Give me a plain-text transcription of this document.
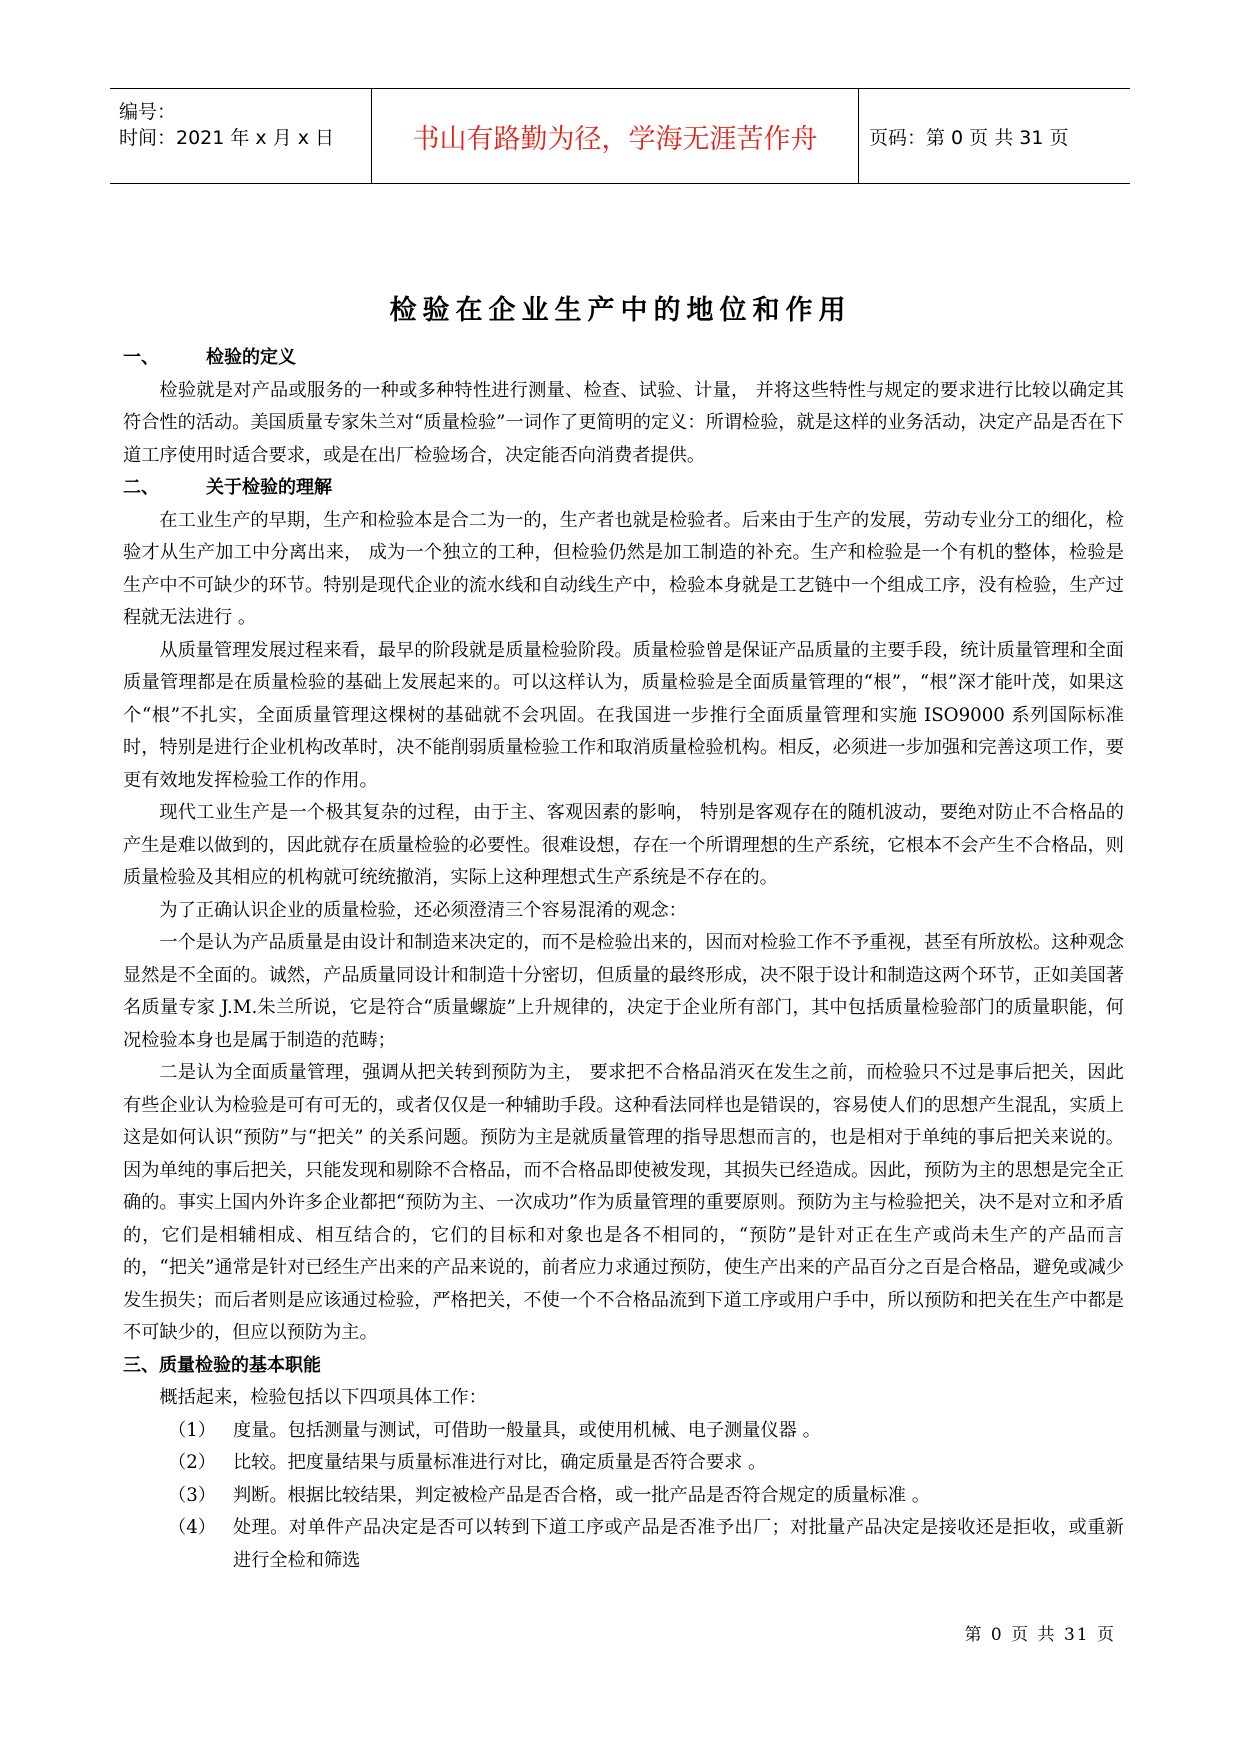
编号：
时间：2021 年 x 月 x 日	书山有路勤为径，学海无涯苦作舟	页码：第 0 页 共 31 页
检验在企业生产中的地位和作用

一、	检验的定义

检验就是对产品或服务的一种或多种特性进行测量、检查、试验、计量， 并将这些特性与规定的要求进行比较以确定其符合性的活动。美国质量专家朱兰对“质量检验”一词作了更简明的定义：所谓检验，就是这样的业务活动，决定产品是否在下道工序使用时适合要求，或是在出厂检验场合，决定能否向消费者提供。

二、	关于检验的理解

在工业生产的早期，生产和检验本是合二为一的，生产者也就是检验者。后来由于生产的发展，劳动专业分工的细化，检验才从生产加工中分离出来， 成为一个独立的工种，但检验仍然是加工制造的补充。生产和检验是一个有机的整体，检验是生产中不可缺少的环节。特别是现代企业的流水线和自动线生产中，检验本身就是工艺链中一个组成工序，没有检验，生产过程就无法进行 。

从质量管理发展过程来看，最早的阶段就是质量检验阶段。质量检验曾是保证产品质量的主要手段，统计质量管理和全面质量管理都是在质量检验的基础上发展起来的。可以这样认为，质量检验是全面质量管理的“根”，“根”深才能叶茂，如果这个“根”不扎实，全面质量管理这棵树的基础就不会巩固。在我国进一步推行全面质量管理和实施 ISO9000 系列国际标准时，特别是进行企业机构改革时，决不能削弱质量检验工作和取消质量检验机构。相反，必须进一步加强和完善这项工作，要更有效地发挥检验工作的作用。

现代工业生产是一个极其复杂的过程，由于主、客观因素的影响， 特别是客观存在的随机波动，要绝对防止不合格品的产生是难以做到的，因此就存在质量检验的必要性。很难设想，存在一个所谓理想的生产系统，它根本不会产生不合格品，则质量检验及其相应的机构就可统统撤消，实际上这种理想式生产系统是不存在的。

为了正确认识企业的质量检验，还必须澄清三个容易混淆的观念：

一个是认为产品质量是由设计和制造来决定的，而不是检验出来的，因而对检验工作不予重视，甚至有所放松。这种观念显然是不全面的。诚然，产品质量同设计和制造十分密切，但质量的最终形成，决不限于设计和制造这两个环节，正如美国著名质量专家 J.M.朱兰所说，它是符合“质量螺旋”上升规律的，决定于企业所有部门，其中包括质量检验部门的质量职能，何况检验本身也是属于制造的范畴；

二是认为全面质量管理，强调从把关转到预防为主， 要求把不合格品消灭在发生之前，而检验只不过是事后把关，因此有些企业认为检验是可有可无的，或者仅仅是一种辅助手段。这种看法同样也是错误的，容易使人们的思想产生混乱，实质上这是如何认识“预防”与“把关” 的关系问题。预防为主是就质量管理的指导思想而言的，也是相对于单纯的事后把关来说的。因为单纯的事后把关，只能发现和剔除不合格品，而不合格品即使被发现，其损失已经造成。因此，预防为主的思想是完全正确的。事实上国内外许多企业都把“预防为主、一次成功”作为质量管理的重要原则。预防为主与检验把关，决不是对立和矛盾的，它们是相辅相成、相互结合的，它们的目标和对象也是各不相同的，“预防”是针对正在生产或尚未生产的产品而言的，“把关”通常是针对已经生产出来的产品来说的，前者应力求通过预防，使生产出来的产品百分之百是合格品，避免或减少发生损失；而后者则是应该通过检验，严格把关，不使一个不合格品流到下道工序或用户手中，所以预防和把关在生产中都是不可缺少的，但应以预防为主。

三、质量检验的基本职能

概括起来，检验包括以下四项具体工作：

（1） 度量。包括测量与测试，可借助一般量具，或使用机械、电子测量仪器 。
（2） 比较。把度量结果与质量标准进行对比，确定质量是否符合要求 。
（3） 判断。根据比较结果，判定被检产品是否合格，或一批产品是否符合规定的质量标准 。
（4） 处理。对单件产品决定是否可以转到下道工序或产品是否准予出厂；对批量产品决定是接收还是拒收，或重新进行全检和筛选
第 0 页 共 31 页
